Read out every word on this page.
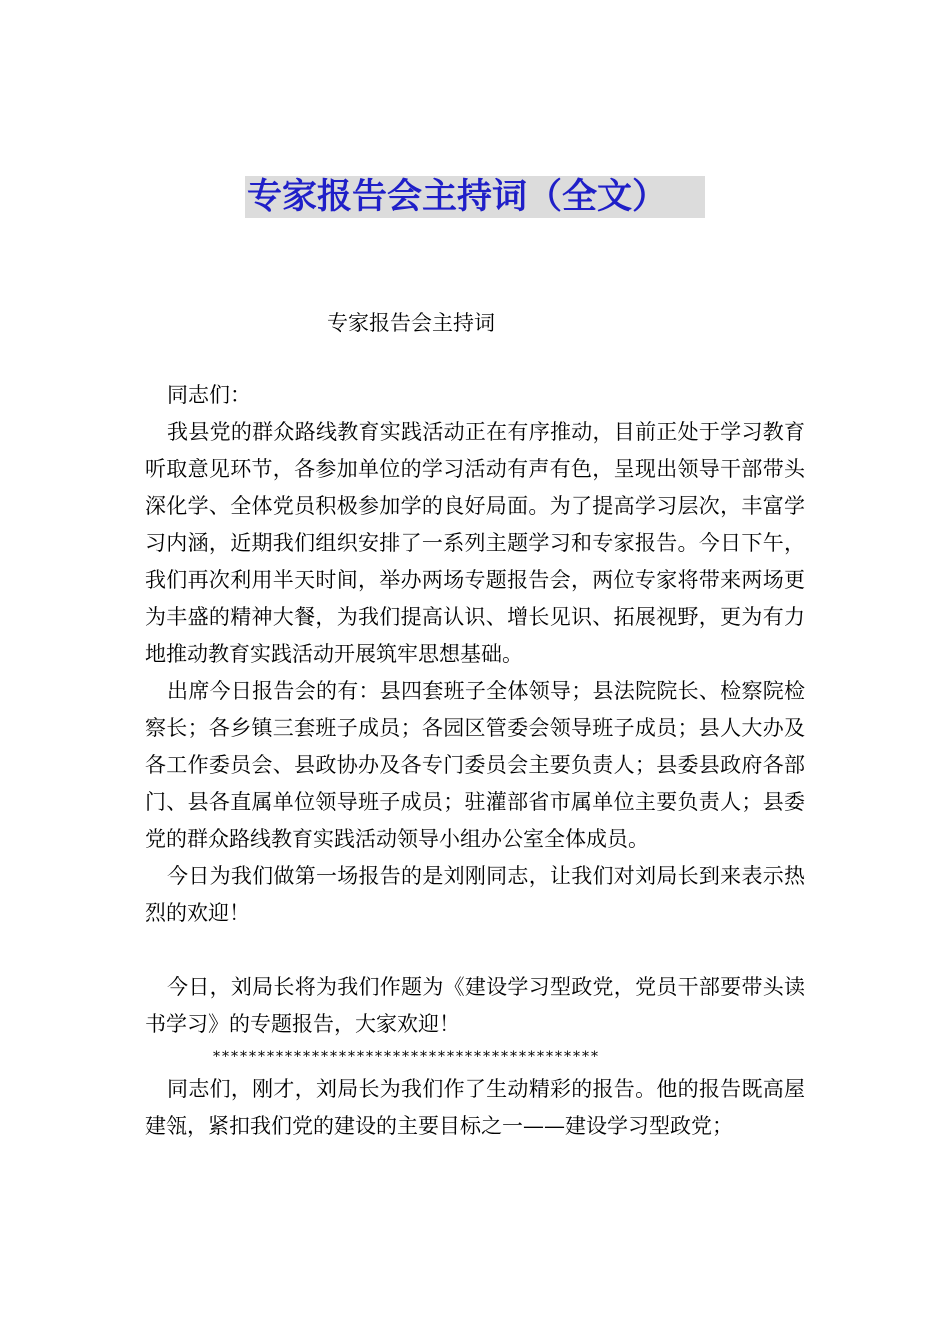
专家报告会主持词（全文）
专家报告会主持词

同志们：

我县党的群众路线教育实践活动正在有序推动，目前正处于学习教育听取意见环节，各参加单位的学习活动有声有色，呈现出领导干部带头深化学、全体党员积极参加学的良好局面。为了提高学习层次，丰富学习内涵，近期我们组织安排了一系列主题学习和专家报告。今日下午，我们再次利用半天时间，举办两场专题报告会，两位专家将带来两场更为丰盛的精神大餐，为我们提高认识、增长见识、拓展视野，更为有力地推动教育实践活动开展筑牢思想基础。

出席今日报告会的有：县四套班子全体领导；县法院院长、检察院检察长；各乡镇三套班子成员；各园区管委会领导班子成员；县人大办及各工作委员会、县政协办及各专门委员会主要负责人；县委县政府各部门、县各直属单位领导班子成员；驻灌部省市属单位主要负责人；县委党的群众路线教育实践活动领导小组办公室全体成员。

今日为我们做第一场报告的是刘刚同志，让我们对刘局长到来表示热烈的欢迎！

今日，刘局长将为我们作题为《建设学习型政党，党员干部要带头读书学习》的专题报告，大家欢迎！

*******************************************

同志们，刚才，刘局长为我们作了生动精彩的报告。他的报告既高屋建瓴，紧扣我们党的建设的主要目标之一——建设学习型政党；
